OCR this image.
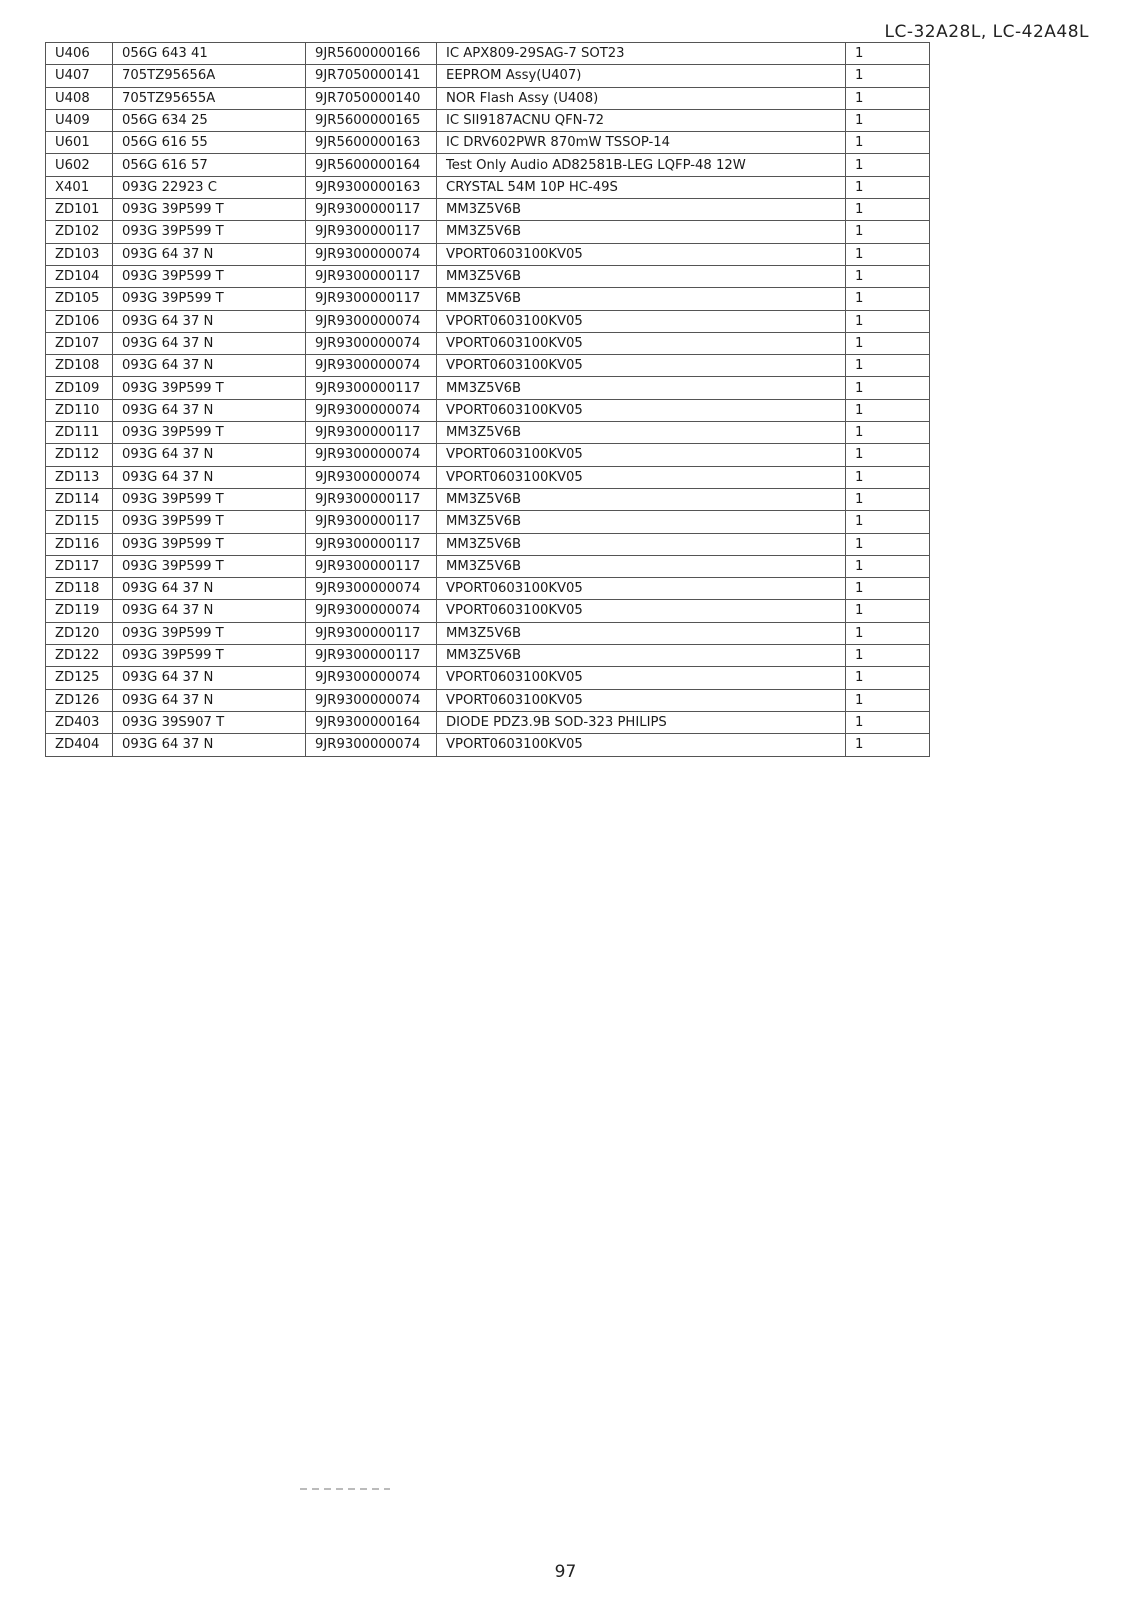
LC-32A28L, LC-42A48L
U406	056G 643 41	9JR5600000166	IC APX809-29SAG-7 SOT23	1
U407	705TZ95656A	9JR7050000141	EEPROM Assy(U407)	1
U408	705TZ95655A	9JR7050000140	NOR Flash Assy (U408)	1
U409	056G 634 25	9JR5600000165	IC SII9187ACNU QFN-72	1
U601	056G 616 55	9JR5600000163	IC DRV602PWR 870mW TSSOP-14	1
U602	056G 616 57	9JR5600000164	Test Only Audio AD82581B-LEG LQFP-48 12W	1
X401	093G 22923 C	9JR9300000163	CRYSTAL 54M 10P HC-49S	1
ZD101	093G 39P599 T	9JR9300000117	MM3Z5V6B	1
ZD102	093G 39P599 T	9JR9300000117	MM3Z5V6B	1
ZD103	093G 64 37 N	9JR9300000074	VPORT0603100KV05	1
ZD104	093G 39P599 T	9JR9300000117	MM3Z5V6B	1
ZD105	093G 39P599 T	9JR9300000117	MM3Z5V6B	1
ZD106	093G 64 37 N	9JR9300000074	VPORT0603100KV05	1
ZD107	093G 64 37 N	9JR9300000074	VPORT0603100KV05	1
ZD108	093G 64 37 N	9JR9300000074	VPORT0603100KV05	1
ZD109	093G 39P599 T	9JR9300000117	MM3Z5V6B	1
ZD110	093G 64 37 N	9JR9300000074	VPORT0603100KV05	1
ZD111	093G 39P599 T	9JR9300000117	MM3Z5V6B	1
ZD112	093G 64 37 N	9JR9300000074	VPORT0603100KV05	1
ZD113	093G 64 37 N	9JR9300000074	VPORT0603100KV05	1
ZD114	093G 39P599 T	9JR9300000117	MM3Z5V6B	1
ZD115	093G 39P599 T	9JR9300000117	MM3Z5V6B	1
ZD116	093G 39P599 T	9JR9300000117	MM3Z5V6B	1
ZD117	093G 39P599 T	9JR9300000117	MM3Z5V6B	1
ZD118	093G 64 37 N	9JR9300000074	VPORT0603100KV05	1
ZD119	093G 64 37 N	9JR9300000074	VPORT0603100KV05	1
ZD120	093G 39P599 T	9JR9300000117	MM3Z5V6B	1
ZD122	093G 39P599 T	9JR9300000117	MM3Z5V6B	1
ZD125	093G 64 37 N	9JR9300000074	VPORT0603100KV05	1
ZD126	093G 64 37 N	9JR9300000074	VPORT0603100KV05	1
ZD403	093G 39S907 T	9JR9300000164	DIODE PDZ3.9B SOD-323 PHILIPS	1
ZD404	093G 64 37 N	9JR9300000074	VPORT0603100KV05	1
97
